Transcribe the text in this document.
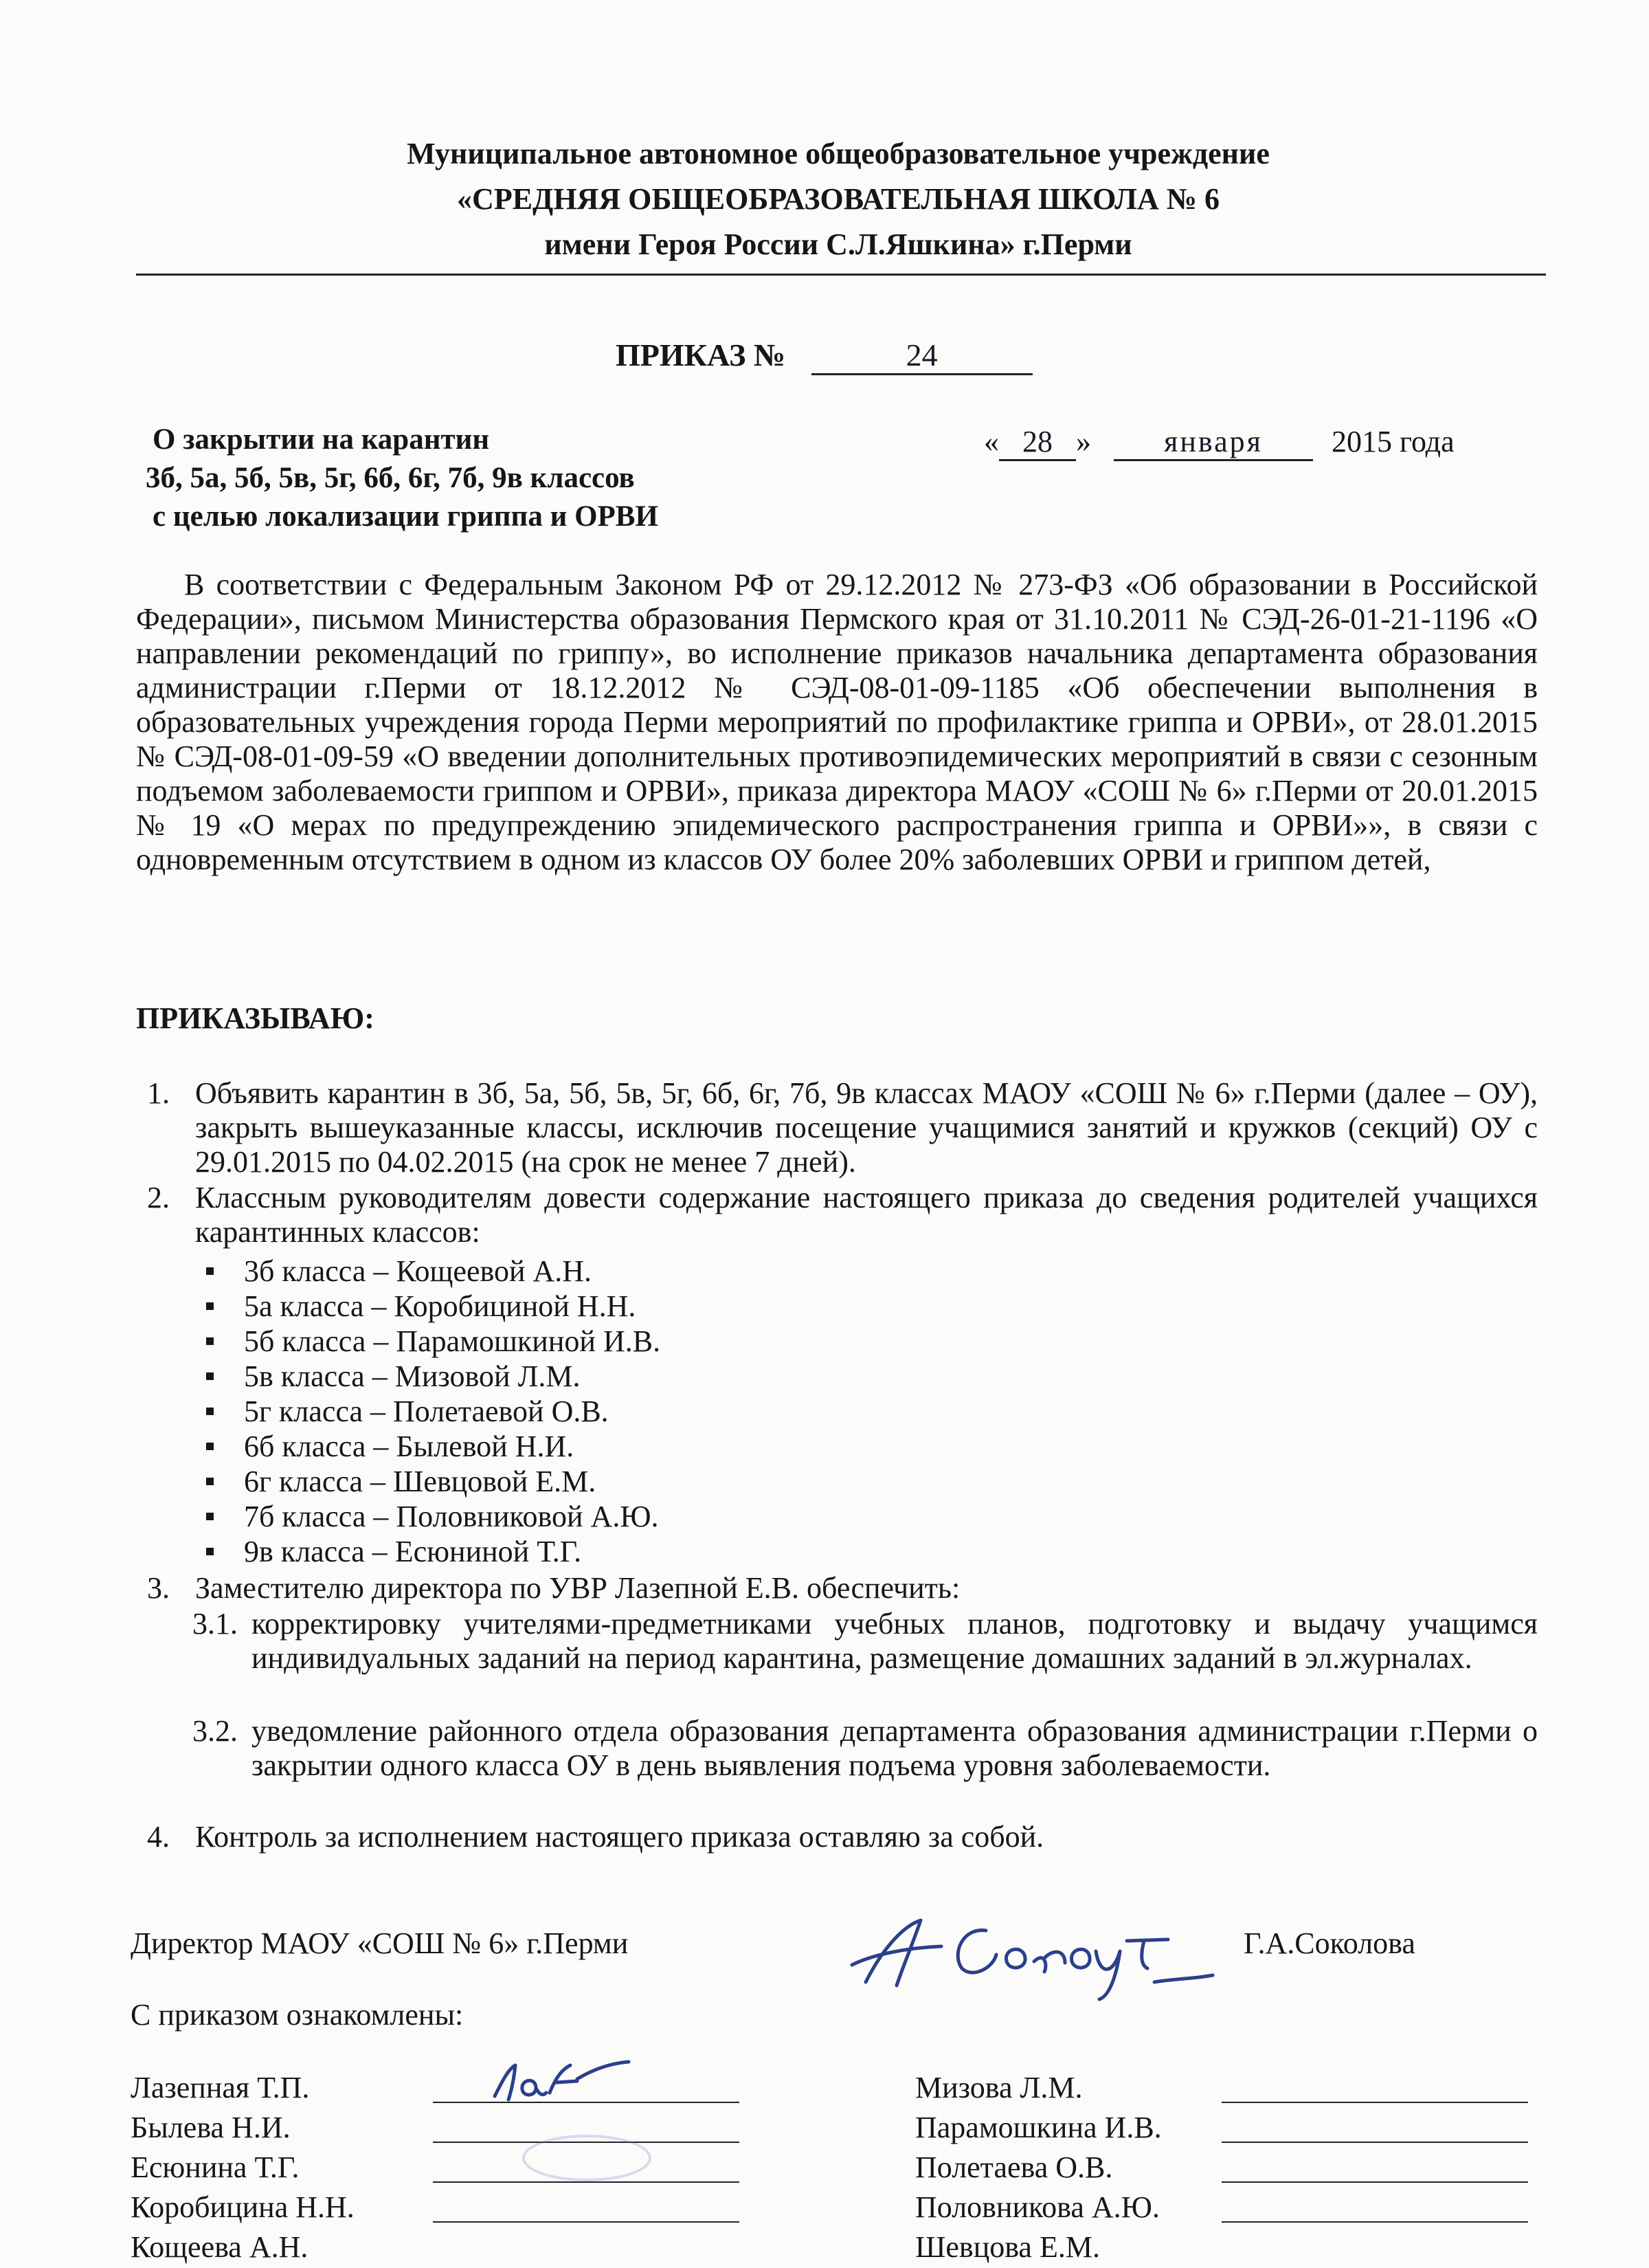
Муниципальное автономное общеобразовательное учреждение
«СРЕДНЯЯ ОБЩЕОБРАЗОВАТЕЛЬНАЯ ШКОЛА № 6
имени Героя России С.Л.Яшкина» г.Перми
ПРИКАЗ №	24
О закрытии на карантин
3б, 5а, 5б, 5в, 5г, 6б, 6г, 7б, 9в классов
с целью локализации гриппа и ОРВИ
« 28 » января 2015 года
В соответствии с Федеральным Законом РФ от 29.12.2012 № 273-ФЗ «Об образовании в Российской Федерации», письмом Министерства образования Пермского края от 31.10.2011 № СЭД-26-01-21-1196 «О направлении рекомендаций по гриппу», во исполнение приказов начальника департамента образования администрации г.Перми от 18.12.2012 № СЭД-08-01-09-1185 «Об обеспечении выполнения в образовательных учреждения города Перми мероприятий по профилактике гриппа и ОРВИ», от 28.01.2015 № СЭД-08-01-09-59 «О введении дополнительных противоэпидемических мероприятий в связи с сезонным подъемом заболеваемости гриппом и ОРВИ», приказа директора МАОУ «СОШ № 6» г.Перми от 20.01.2015 № 19 «О мерах по предупреждению эпидемического распространения гриппа и ОРВИ»», в связи с одновременным отсутствием в одном из классов ОУ более 20% заболевших ОРВИ и гриппом детей,
ПРИКАЗЫВАЮ:
1. Объявить карантин в 3б, 5а, 5б, 5в, 5г, 6б, 6г, 7б, 9в классах МАОУ «СОШ № 6» г.Перми (далее – ОУ), закрыть вышеуказанные классы, исключив посещение учащимися занятий и кружков (секций) ОУ с 29.01.2015 по 04.02.2015 (на срок не менее 7 дней).
2. Классным руководителям довести содержание настоящего приказа до сведения родителей учащихся карантинных классов:
3б класса – Кощеевой А.Н.
5а класса – Коробициной Н.Н.
5б класса – Парамошкиной И.В.
5в класса – Мизовой Л.М.
5г класса – Полетаевой О.В.
6б класса – Былевой Н.И.
6г класса – Шевцовой Е.М.
7б класса – Половниковой А.Ю.
9в класса – Есюниной Т.Г.
3. Заместителю директора по УВР Лазепной Е.В. обеспечить:
3.1. корректировку учителями-предметниками учебных планов, подготовку и выдачу учащимся индивидуальных заданий на период карантина, размещение домашних заданий в эл.журналах.
3.2. уведомление районного отдела образования департамента образования администрации г.Перми о закрытии одного класса ОУ в день выявления подъема уровня заболеваемости.
4. Контроль за исполнением настоящего приказа оставляю за собой.
Директор МАОУ «СОШ № 6» г.Перми	Г.А.Соколова
С приказом ознакомлены:
Лазепная Т.П.
Былева Н.И.
Есюнина Т.Г.
Коробицина Н.Н.
Кощеева А.Н.
Мизова Л.М.
Парамошкина И.В.
Полетаева О.В.
Половникова А.Ю.
Шевцова Е.М.
